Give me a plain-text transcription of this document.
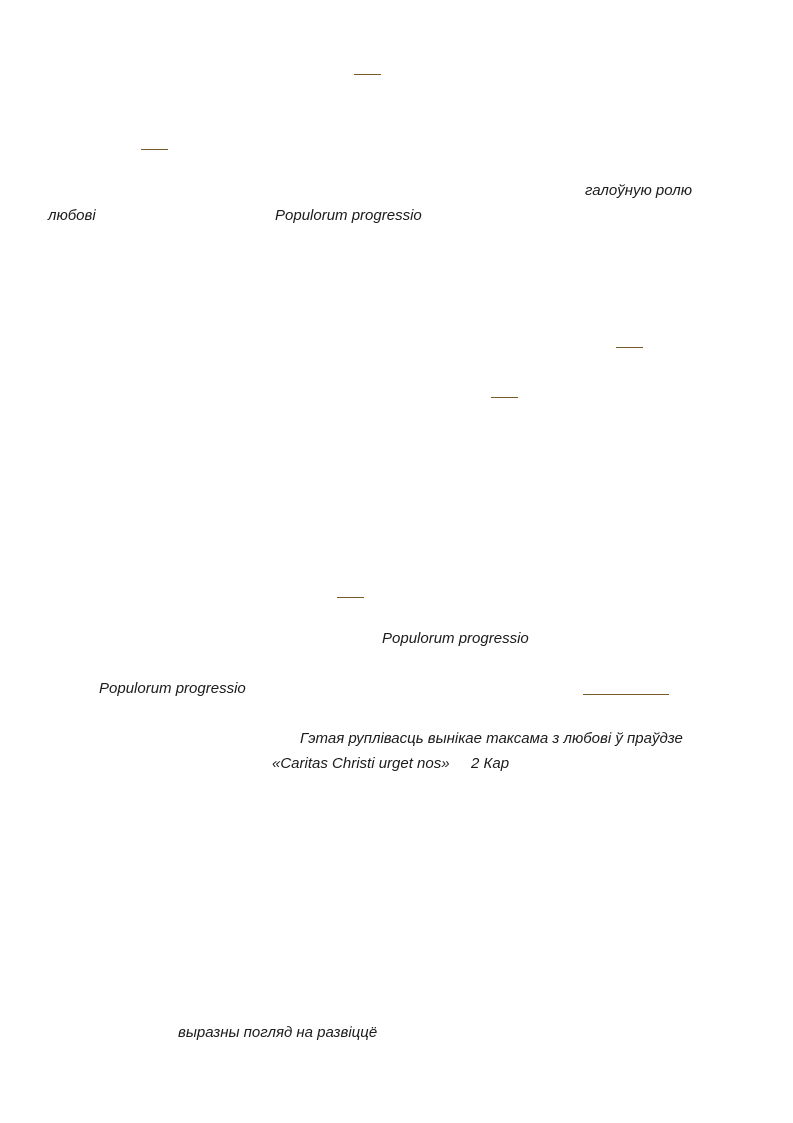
галоўную ролю
любові	Populorum progressio
Populorum progressio
Populorum progressio
Гэтая руплівасць вынікае таксама з любові ў праўдзе
«Caritas Christi urget nos» 2 Кар
выразны погляд на развіццё
